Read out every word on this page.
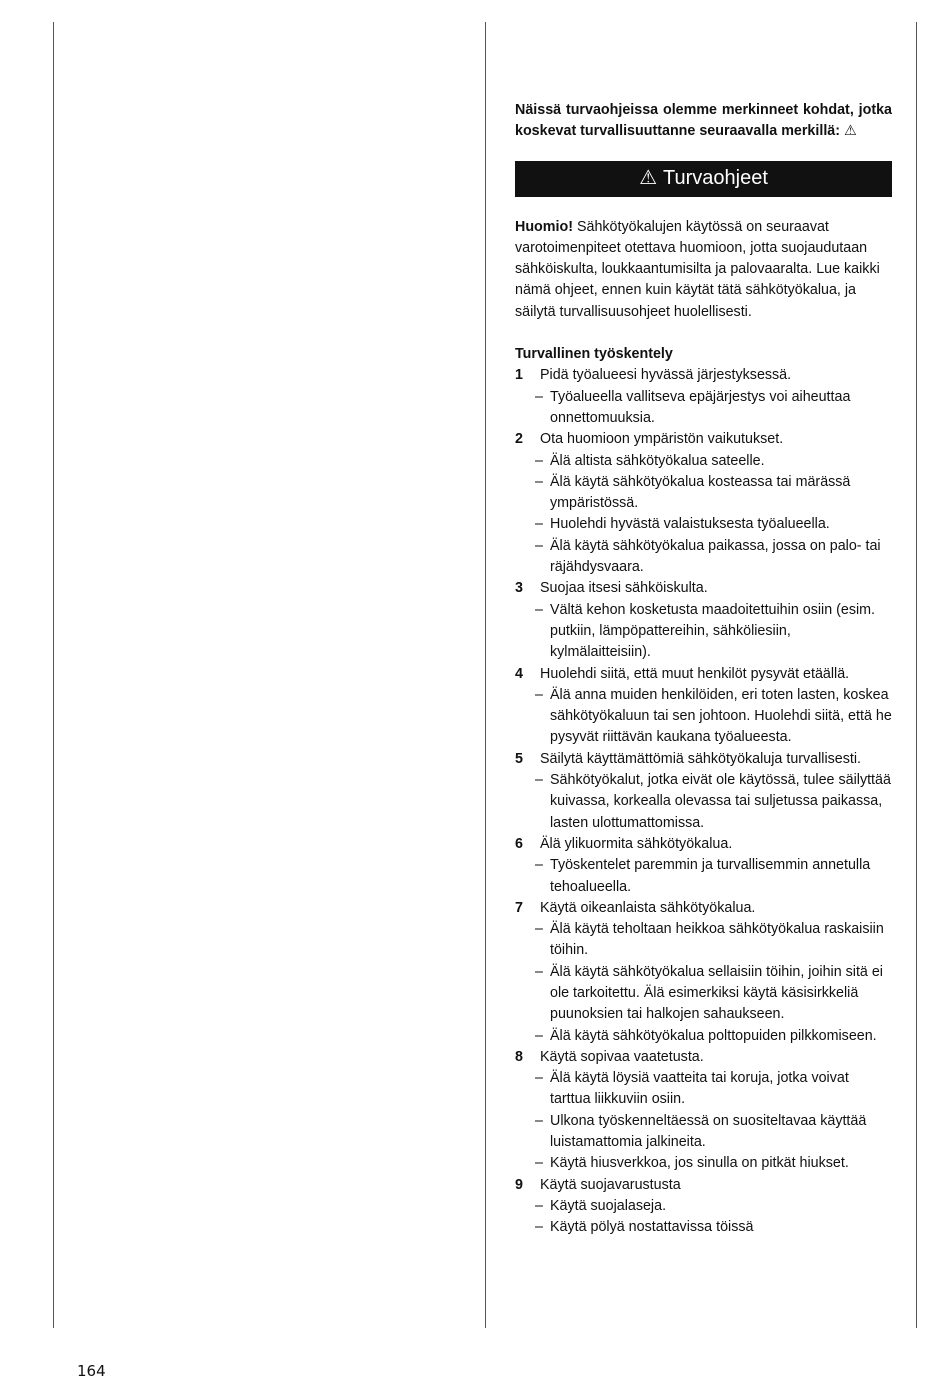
Näissä turvaohjeissa olemme merkinneet kohdat, jotka koskevat turvallisuuttanne seuraavalla merkillä: ⚠

⚠ Turvaohjeet

Huomio! Sähkötyökalujen käytössä on seuraavat varotoimenpiteet otettava huomioon, jotta suojaudutaan sähköiskulta, loukkaantumisilta ja palovaaralta. Lue kaikki nämä ohjeet, ennen kuin käytät tätä sähkötyökalua, ja säilytä turvallisuusohjeet huolellisesti.

Turvallinen työskentely

1	Pidä työalueesi hyvässä järjestyksessä.
– Työalueella vallitseva epäjärjestys voi aiheuttaa onnettomuuksia.
2	Ota huomioon ympäristön vaikutukset.
– Älä altista sähkötyökalua sateelle.
– Älä käytä sähkötyökalua kosteassa tai märässä ympäristössä.
– Huolehdi hyvästä valaistuksesta työalueella.
– Älä käytä sähkötyökalua paikassa, jossa on palo- tai räjähdysvaara.
3	Suojaa itsesi sähköiskulta.
– Vältä kehon kosketusta maadoitettuihin osiin (esim. putkiin, lämpöpattereihin, sähköliesiin, kylmälaitteisiin).
4	Huolehdi siitä, että muut henkilöt pysyvät etäällä.
– Älä anna muiden henkilöiden, eri toten lasten, koskea sähkötyökaluun tai sen johtoon. Huolehdi siitä, että he pysyvät riittävän kaukana työalueesta.
5	Säilytä käyttämättömiä sähkötyökaluja turvallisesti.
– Sähkötyökalut, jotka eivät ole käytössä, tulee säilyttää kuivassa, korkealla olevassa tai suljetussa paikassa, lasten ulottumattomissa.
6	Älä ylikuormita sähkötyökalua.
– Työskentelet paremmin ja turvallisemmin annetulla tehoalueella.
7	Käytä oikeanlaista sähkötyökalua.
– Älä käytä teholtaan heikkoa sähkötyökalua raskaisiin töihin.
– Älä käytä sähkötyökalua sellaisiin töihin, joihin sitä ei ole tarkoitettu. Älä esimerkiksi käytä käsisirkkeliä puunoksien tai halkojen sahaukseen.
– Älä käytä sähkötyökalua polttopuiden pilkkomiseen.
8	Käytä sopivaa vaatetusta.
– Älä käytä löysiä vaatteita tai koruja, jotka voivat tarttua liikkuviin osiin.
– Ulkona työskenneltäessä on suositeltavaa käyttää luistamattomia jalkineita.
– Käytä hiusverkkoa, jos sinulla on pitkät hiukset.
9	Käytä suojavarustusta
– Käytä suojalaseja.
– Käytä pölyä nostattavissa töissä
164
